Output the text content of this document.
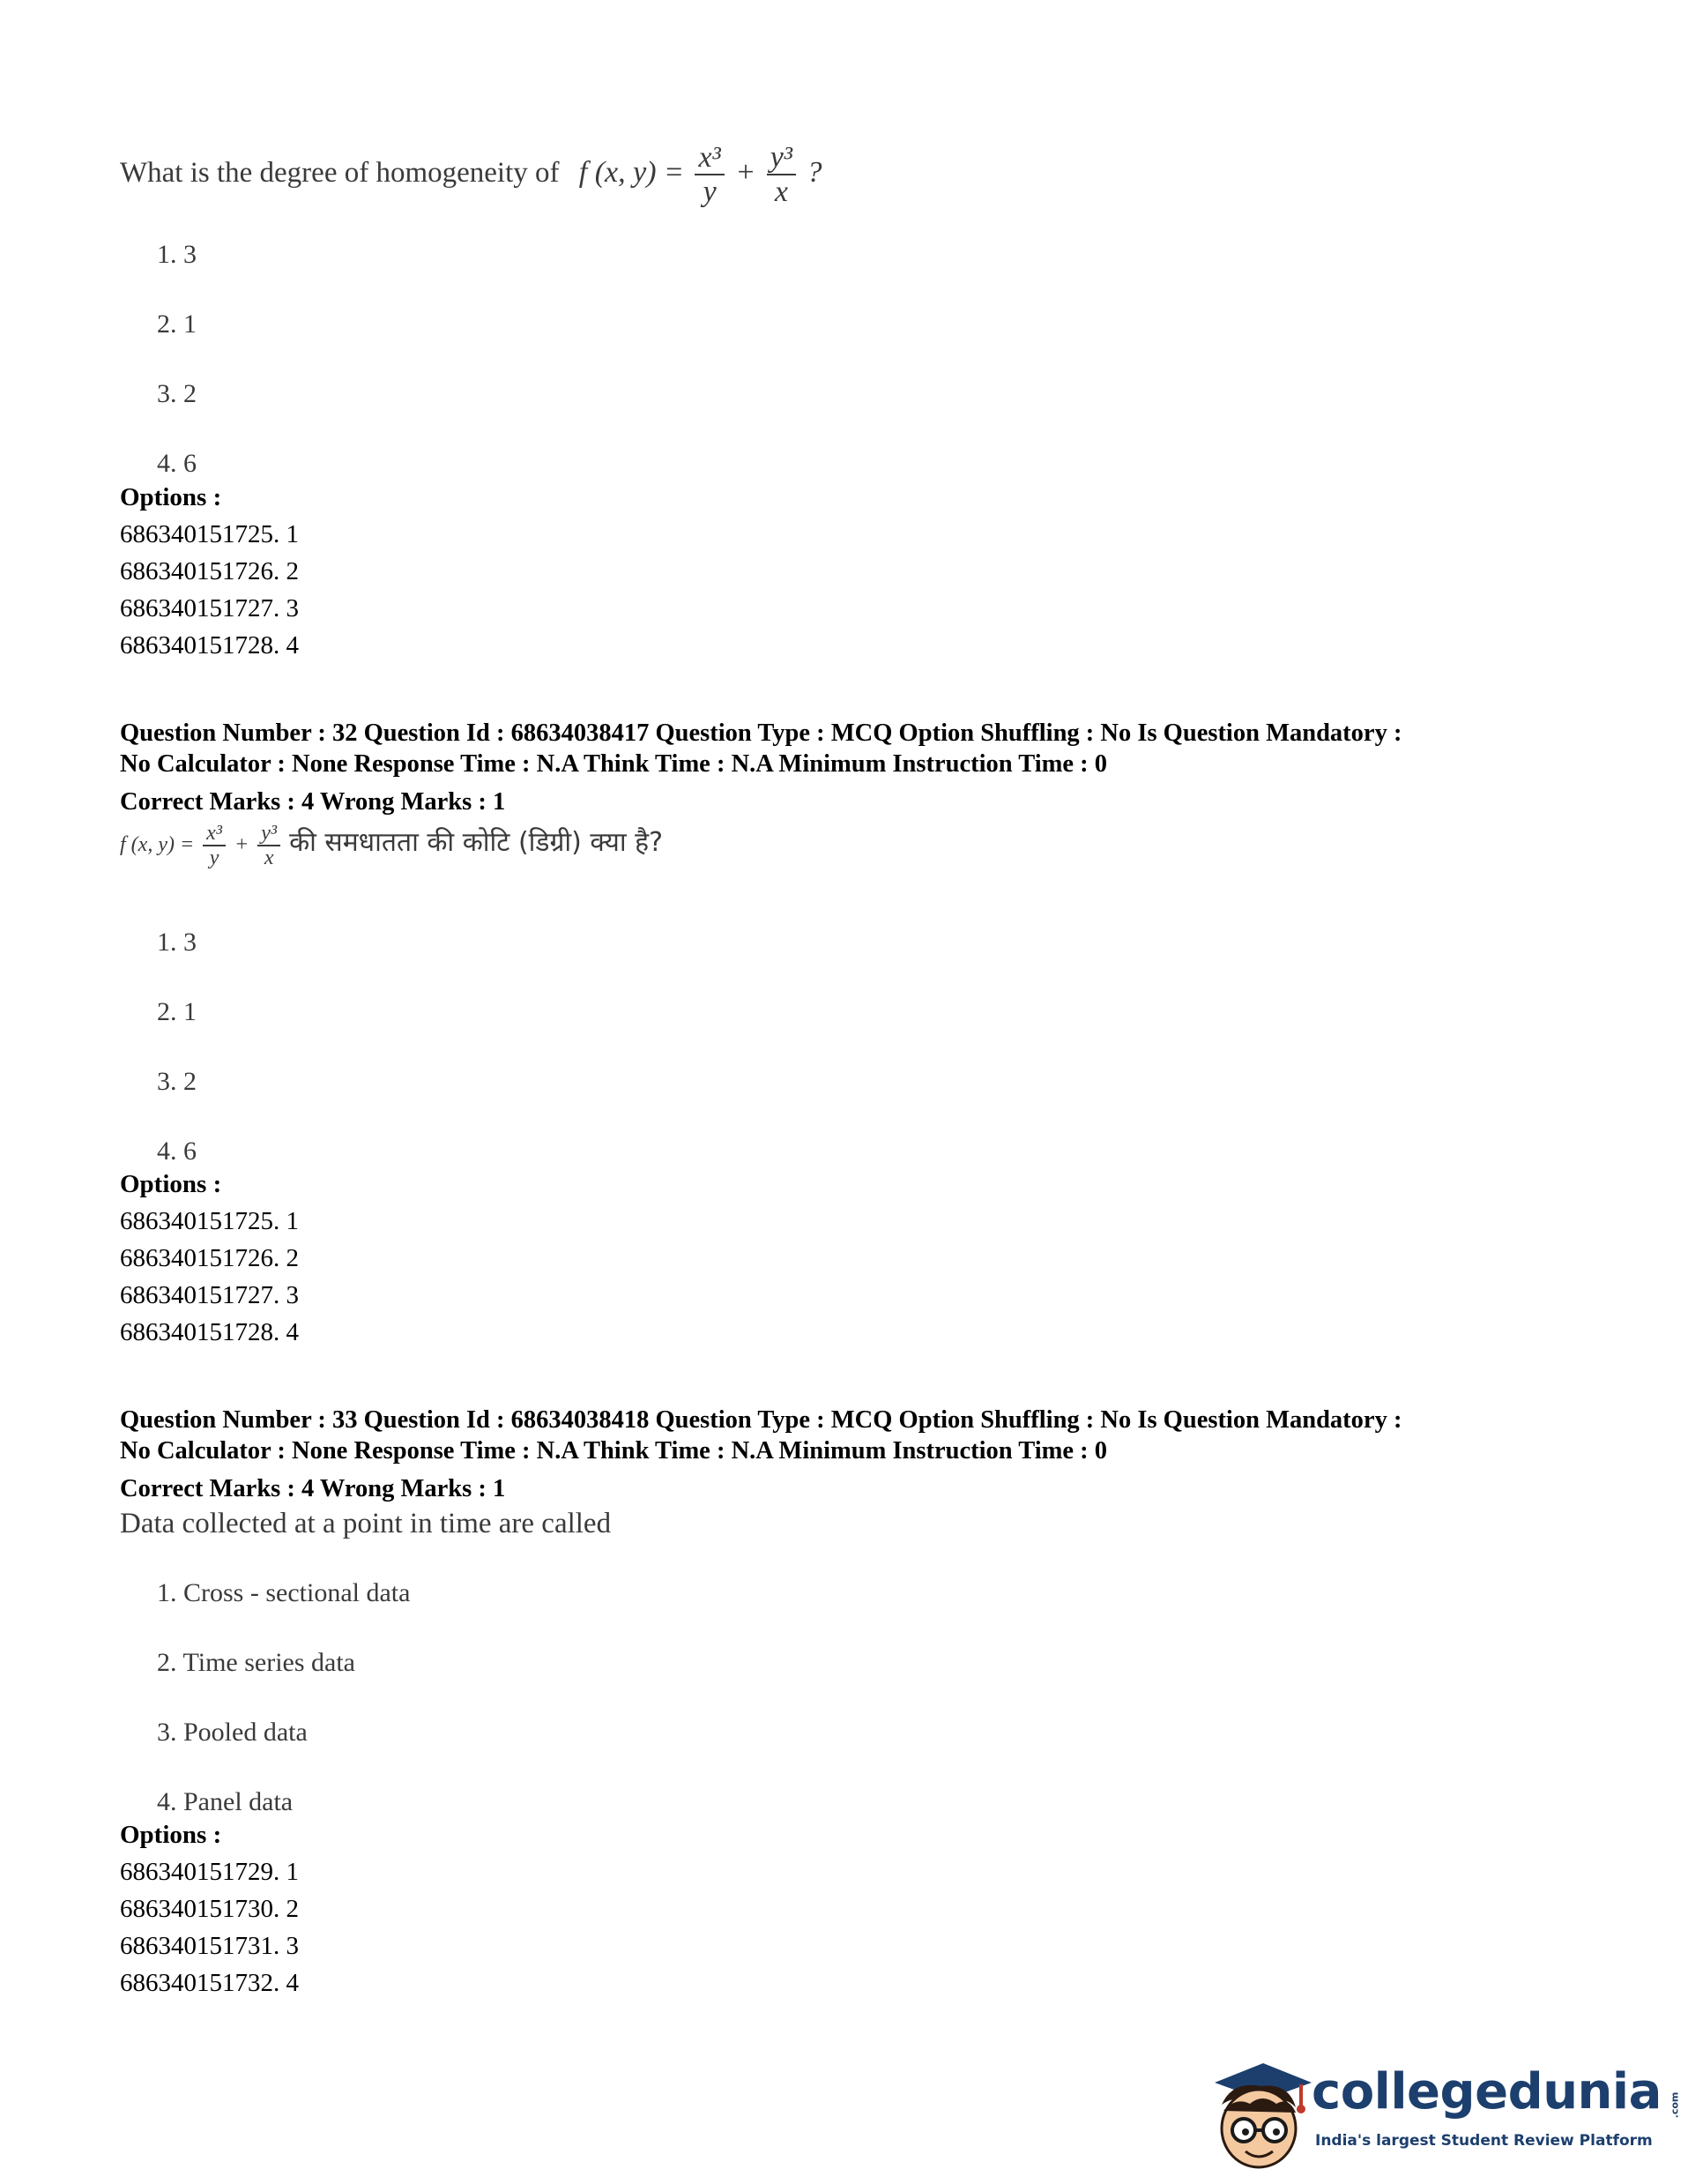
What is the degree of homogeneity of f (x, $y) = \frac{\text{x³}}{y} + \frac{\text{y³}}{x}$ ?
1. 3
2. 1
3. 2
4. 6
Options :
686340151725. 1
686340151726. 2
686340151727. 3
686340151728. 4
Question Number : 32 Question Id : 68634038417 Question Type : MCQ Option Shuffling : No Is Question Mandatory :
No Calculator : None Response Time : N.A Think Time : N.A Minimum Instruction Time : 0
Correct Marks : 4 Wrong Marks : 1
f (x, $y) = \frac{\text{x³}}{y} + \frac{\text{y³}}{x}$ की समधातता की कोटि (डिग्री) क्या है?
1. 3
2. 1
3. 2
4. 6
Options :
686340151725. 1
686340151726. 2
686340151727. 3
686340151728. 4
Question Number : 33 Question Id : 68634038418 Question Type : MCQ Option Shuffling : No Is Question Mandatory :
No Calculator : None Response Time : N.A Think Time : N.A Minimum Instruction Time : 0
Correct Marks : 4 Wrong Marks : 1
Data collected at a point in time are called
1. Cross - sectional data
2. Time series data
3. Pooled data
4. Panel data
Options :
686340151729. 1
686340151730. 2
686340151731. 3
686340151732. 4
collegedunia .com
India's largest Student Review Platform
